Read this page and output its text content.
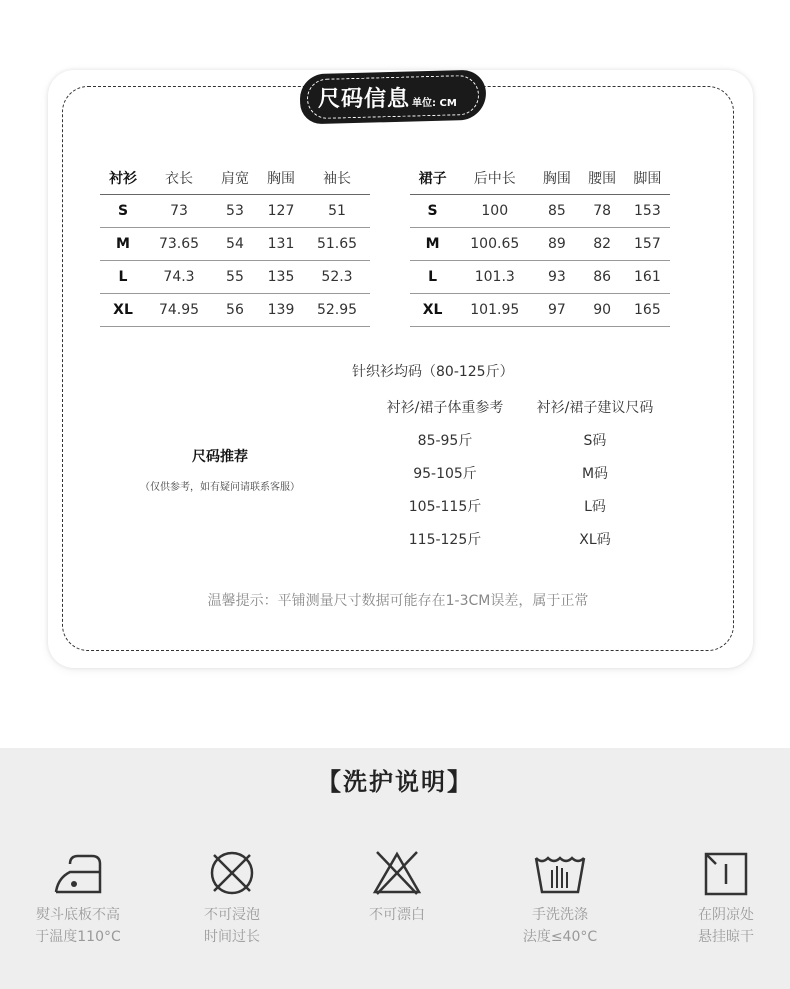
尺码信息 单位: CM
衬衫	衣长	肩宽	胸围	袖长
S	73	53	127	51
M	73.65	54	131	51.65
L	74.3	55	135	52.3
XL	74.95	56	139	52.95
裙子	后中长	胸围	腰围	脚围
S	100	85	78	153
M	100.65	89	82	157
L	101.3	93	86	161
XL	101.95	97	90	165
针织衫均码（80-125斤）
尺码推荐
（仅供参考，如有疑问请联系客服）
衬衫/裙子体重参考	衬衫/裙子建议尺码
85-95斤	S码
95-105斤	M码
105-115斤	L码
115-125斤	XL码
温馨提示：平铺测量尺寸数据可能存在1-3CM误差，属于正常
【洗护说明】
熨斗底板不高
于温度110°C
不可浸泡
时间过长
不可漂白	手洗洗涤
法度≤40°C
在阴凉处
悬挂晾干
